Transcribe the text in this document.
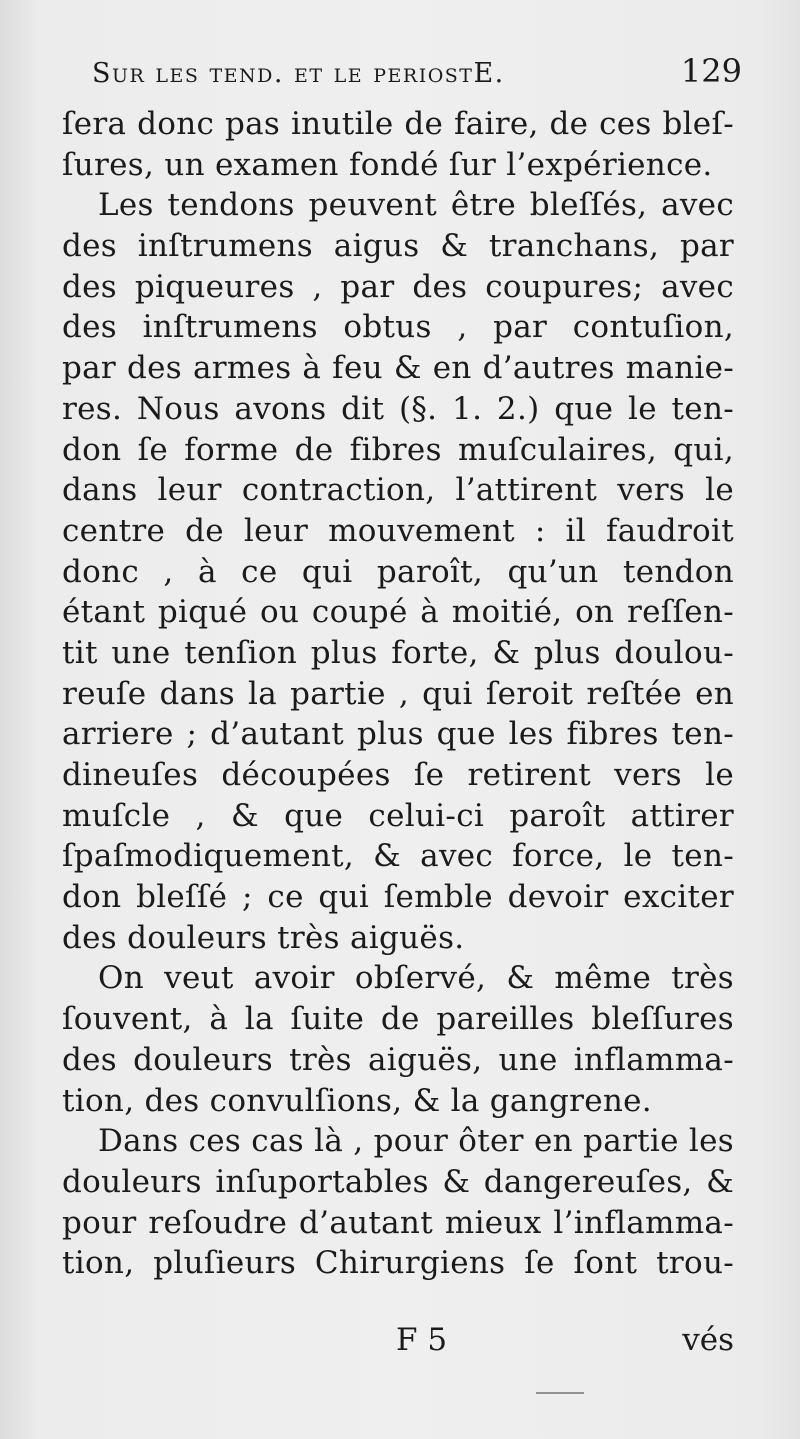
Sur les tend. et le periostE.	129
ſera donc pas inutile de faire, de ces bleſ-
ſures, un examen fondé ſur l’expérience.
Les tendons peuvent être bleſſés, avec
des inſtrumens aigus & tranchans, par
des piqueures , par des coupures; avec
des inſtrumens obtus , par contuſion,
par des armes à feu & en d’autres manie-
res. Nous avons dit (§. 1. 2.) que le ten-
don ſe forme de fibres muſculaires, qui,
dans leur contraction, l’attirent vers le
centre de leur mouvement : il faudroit
donc , à ce qui paroît, qu’un tendon
étant piqué ou coupé à moitié, on reſſen-
tit une tenſion plus forte, & plus doulou-
reuſe dans la partie , qui ſeroit reſtée en
arriere ; d’autant plus que les fibres ten-
dineuſes découpées ſe retirent vers le
muſcle , & que celui-ci paroît attirer
ſpaſmodiquement, & avec force, le ten-
don bleſſé ; ce qui ſemble devoir exciter
des douleurs très aiguës.
On veut avoir obſervé, & même très
ſouvent, à la ſuite de pareilles bleſſures
des douleurs très aiguës, une inflamma-
tion, des convulſions, & la gangrene.
Dans ces cas là , pour ôter en partie les
douleurs inſuportables & dangereuſes, &
pour reſoudre d’autant mieux l’inflamma-
tion, pluſieurs Chirurgiens ſe ſont trou-
F 5	vés
